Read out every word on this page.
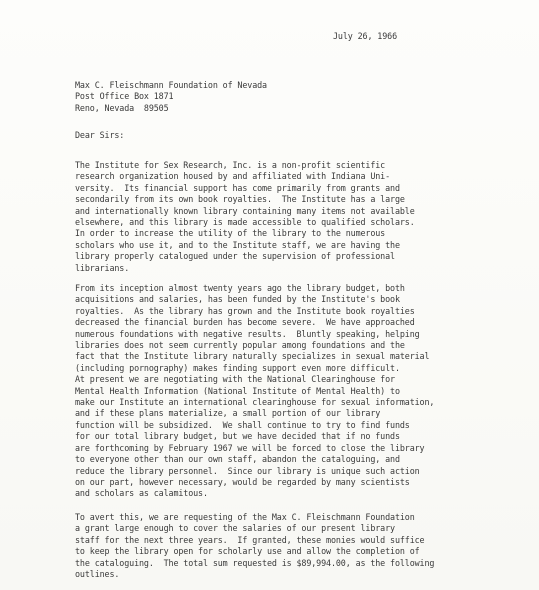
July 26, 1966
Max C. Fleischmann Foundation of Nevada
Post Office Box 1871
Reno, Nevada  89505
Dear Sirs:
The Institute for Sex Research, Inc. is a non-profit scientific
research organization housed by and affiliated with Indiana Uni-
versity.  Its financial support has come primarily from grants and
secondarily from its own book royalties.  The Institute has a large
and internationally known library containing many items not available
elsewhere, and this library is made accessible to qualified scholars.
In order to increase the utility of the library to the numerous
scholars who use it, and to the Institute staff, we are having the
library properly catalogued under the supervision of professional
librarians.
From its inception almost twenty years ago the library budget, both
acquisitions and salaries, has been funded by the Institute's book
royalties.  As the library has grown and the Institute book royalties
decreased the financial burden has become severe.  We have approached
numerous foundations with negative results.  Bluntly speaking, helping
libraries does not seem currently popular among foundations and the
fact that the Institute library naturally specializes in sexual material
(including pornography) makes finding support even more difficult.
At present we are negotiating with the National Clearinghouse for
Mental Health Information (National Institute of Mental Health) to
make our Institute an international clearinghouse for sexual information,
and if these plans materialize, a small portion of our library
function will be subsidized.  We shall continue to try to find funds
for our total library budget, but we have decided that if no funds
are forthcoming by February 1967 we will be forced to close the library
to everyone other than our own staff, abandon the cataloguing, and
reduce the library personnel.  Since our library is unique such action
on our part, however necessary, would be regarded by many scientists
and scholars as calamitous.
To avert this, we are requesting of the Max C. Fleischmann Foundation
a grant large enough to cover the salaries of our present library
staff for the next three years.  If granted, these monies would suffice
to keep the library open for scholarly use and allow the completion of
the cataloguing.  The total sum requested is $89,994.00, as the following
outlines.
